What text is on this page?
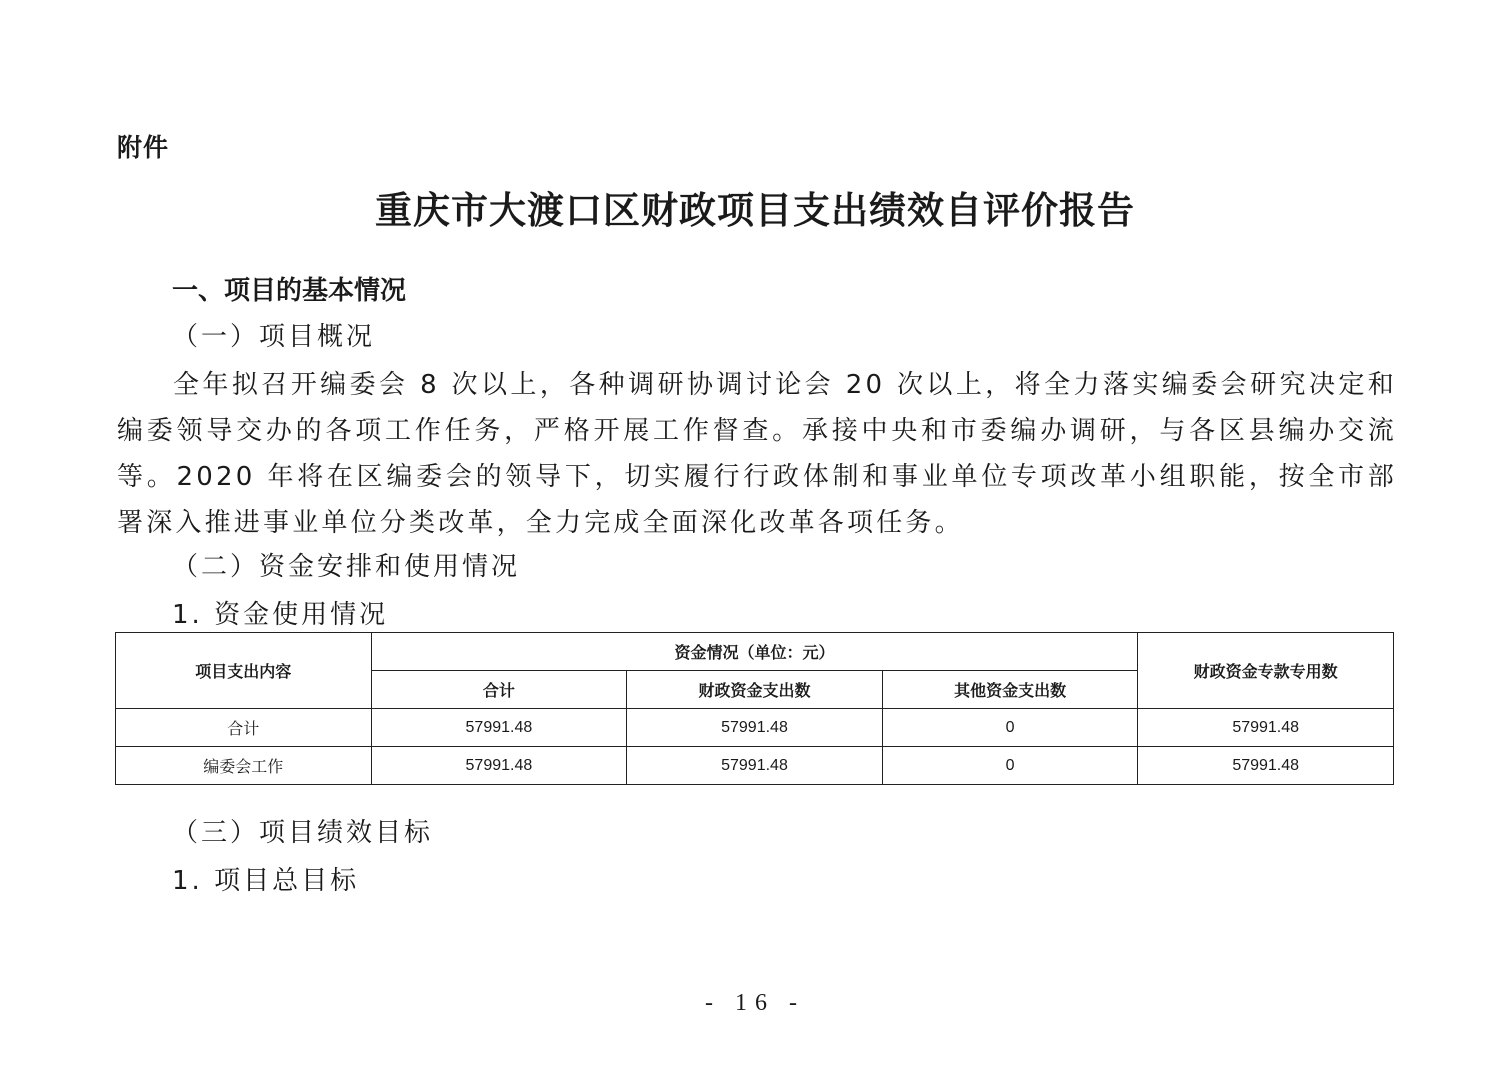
附件
重庆市大渡口区财政项目支出绩效自评价报告
一、项目的基本情况
（一）项目概况

全年拟召开编委会 8 次以上，各种调研协调讨论会 20 次以上，将全力落实编委会研究决定和编委领导交办的各项工作任务，严格开展工作督查。承接中央和市委编办调研，与各区县编办交流等。2020 年将在区编委会的领导下，切实履行行政体制和事业单位专项改革小组职能，按全市部署深入推进事业单位分类改革，全力完成全面深化改革各项任务。

（二）资金安排和使用情况
1. 资金使用情况
项目支出内容	资金情况（单位：元）			财政资金专款专用数
	合计	财政资金支出数	其他资金支出数	
合计	57991.48	57991.48	0	57991.48
编委会工作	57991.48	57991.48	0	57991.48
（三）项目绩效目标
1. 项目总目标
- 16 -
